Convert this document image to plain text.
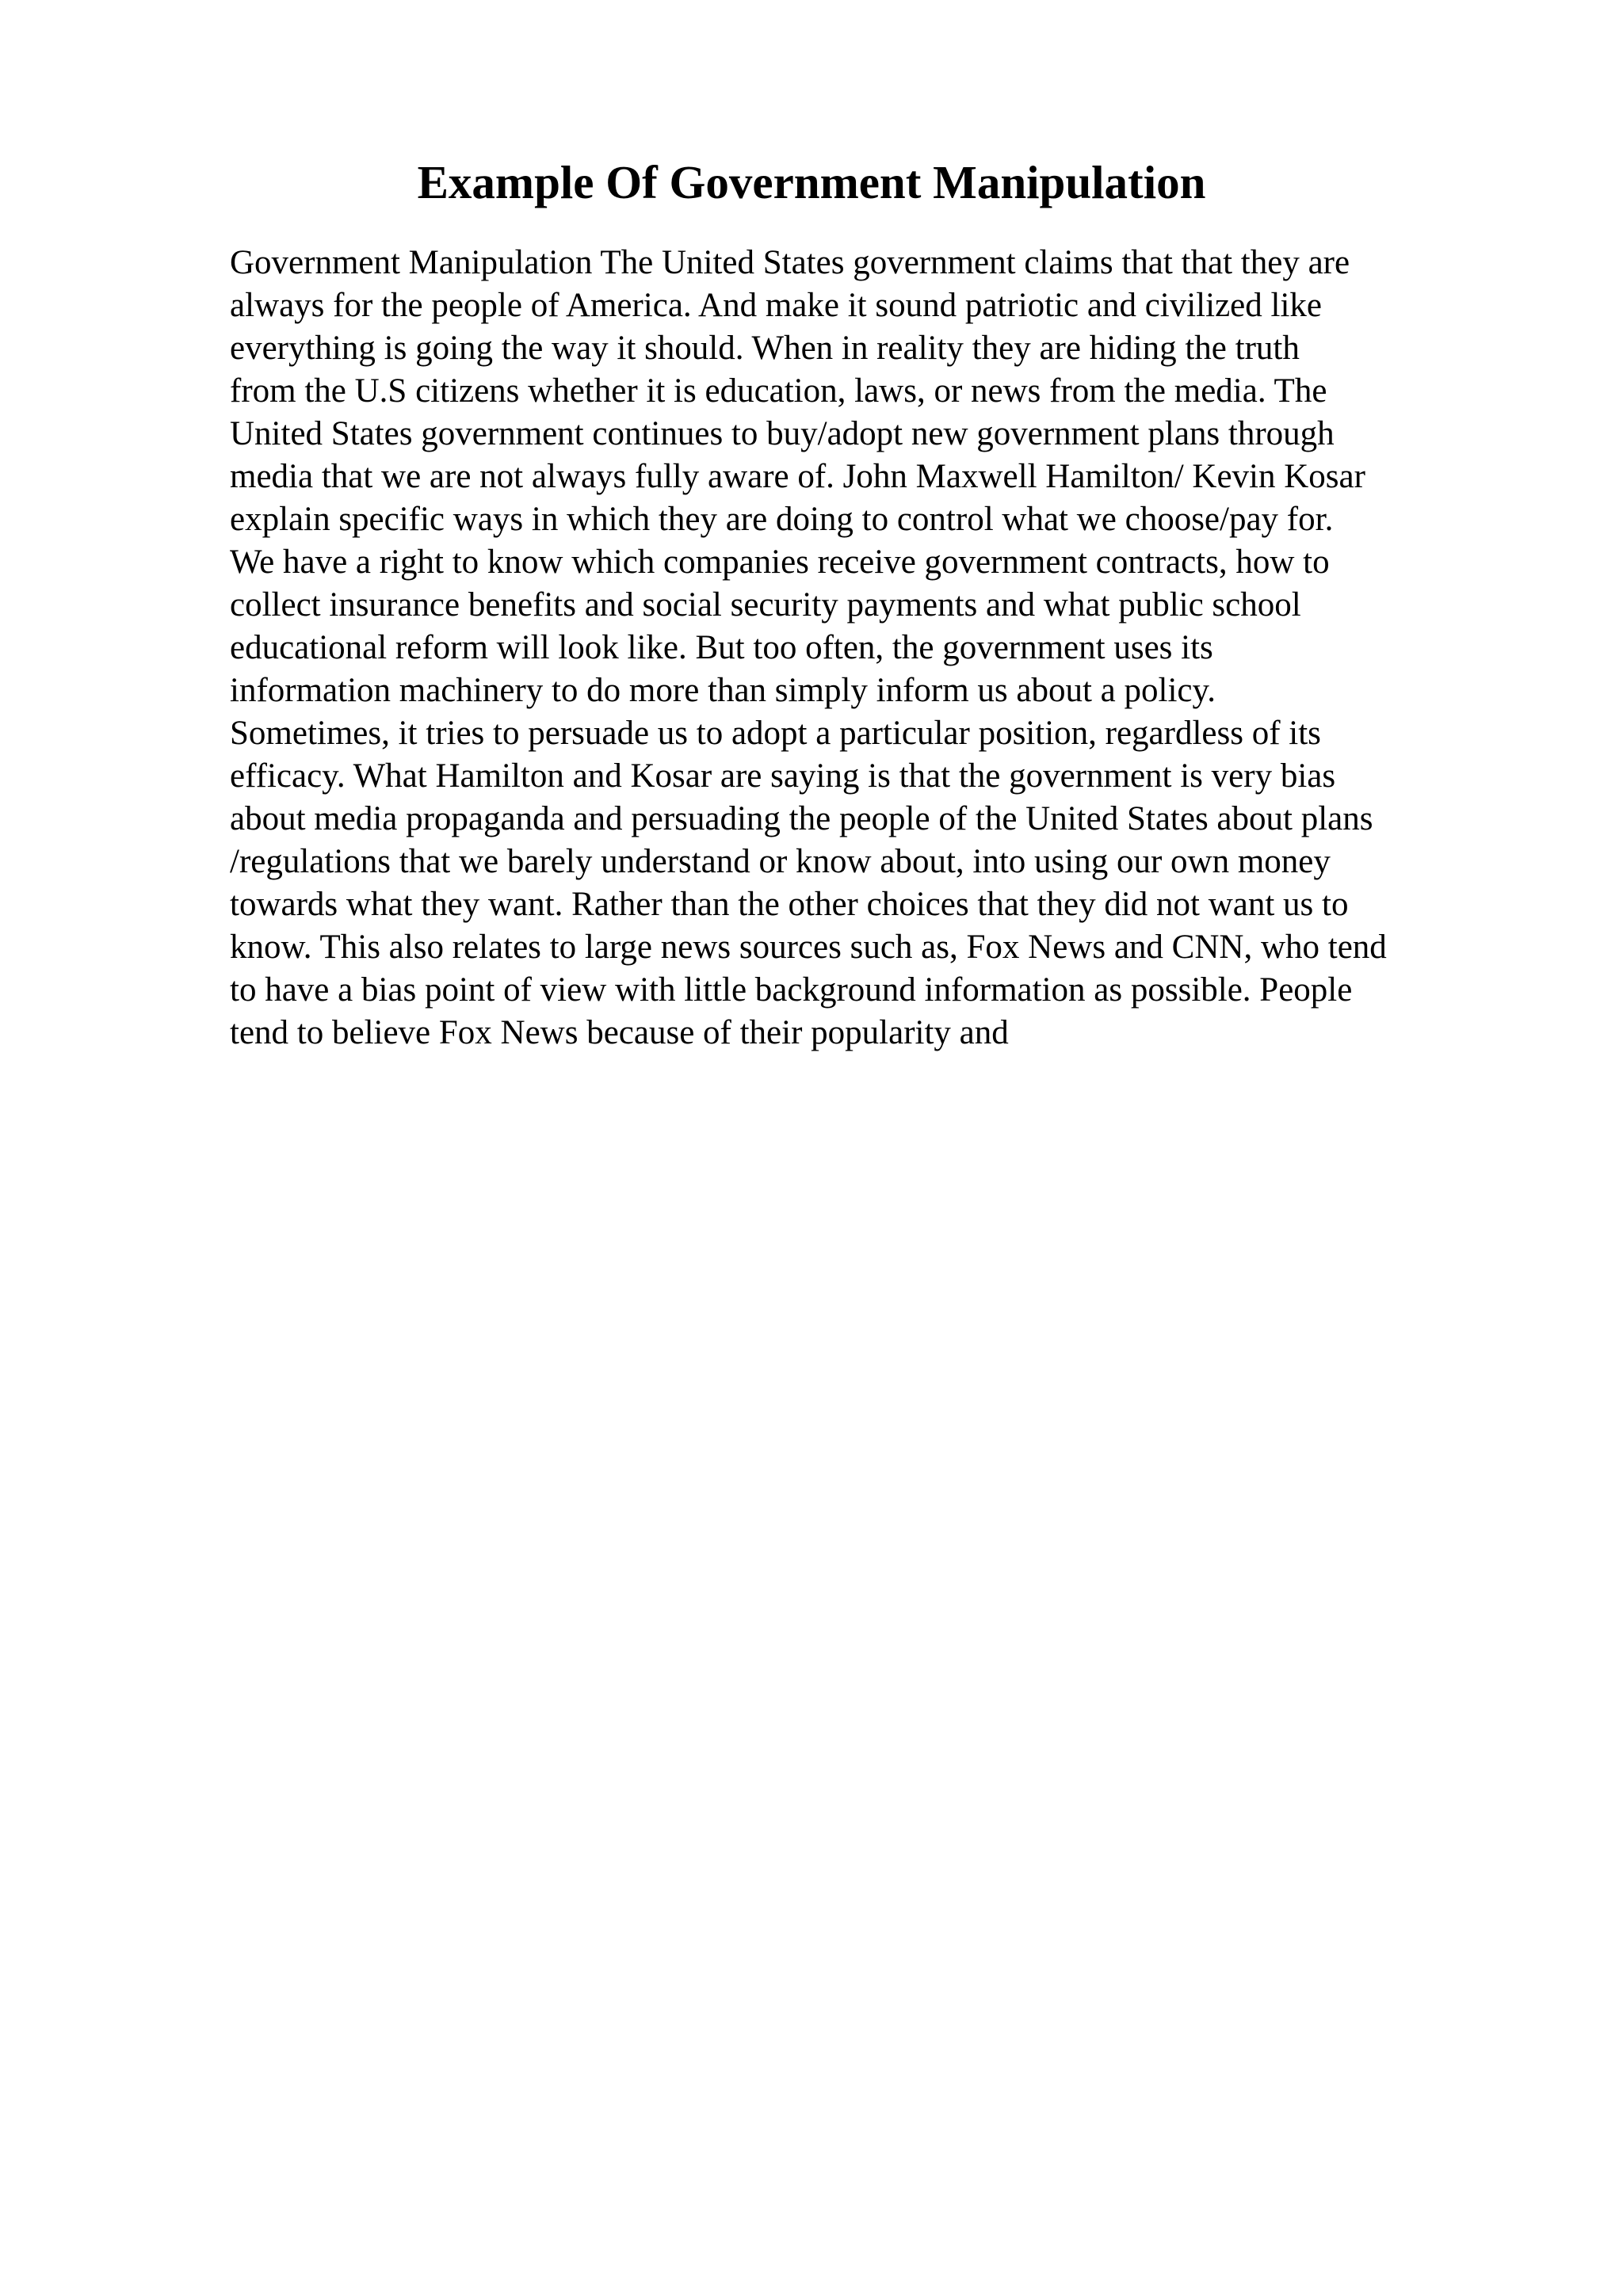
Example Of Government Manipulation
Government Manipulation The United States government claims that that they are
always for the people of America. And make it sound patriotic and civilized like
everything is going the way it should. When in reality they are hiding the truth
from the U.S citizens whether it is education, laws, or news from the media. The
United States government continues to buy/adopt new government plans through
media that we are not always fully aware of. John Maxwell Hamilton/ Kevin Kosar
explain specific ways in which they are doing to control what we choose/pay for.
We have a right to know which companies receive government contracts, how to
collect insurance benefits and social security payments and what public school
educational reform will look like. But too often, the government uses its
information machinery to do more than simply inform us about a policy.
Sometimes, it tries to persuade us to adopt a particular position, regardless of its
efficacy. What Hamilton and Kosar are saying is that the government is very bias
about media propaganda and persuading the people of the United States about plans
/regulations that we barely understand or know about, into using our own money
towards what they want. Rather than the other choices that they did not want us to
know. This also relates to large news sources such as, Fox News and CNN, who tend
to have a bias point of view with little background information as possible. People
tend to believe Fox News because of their popularity and
